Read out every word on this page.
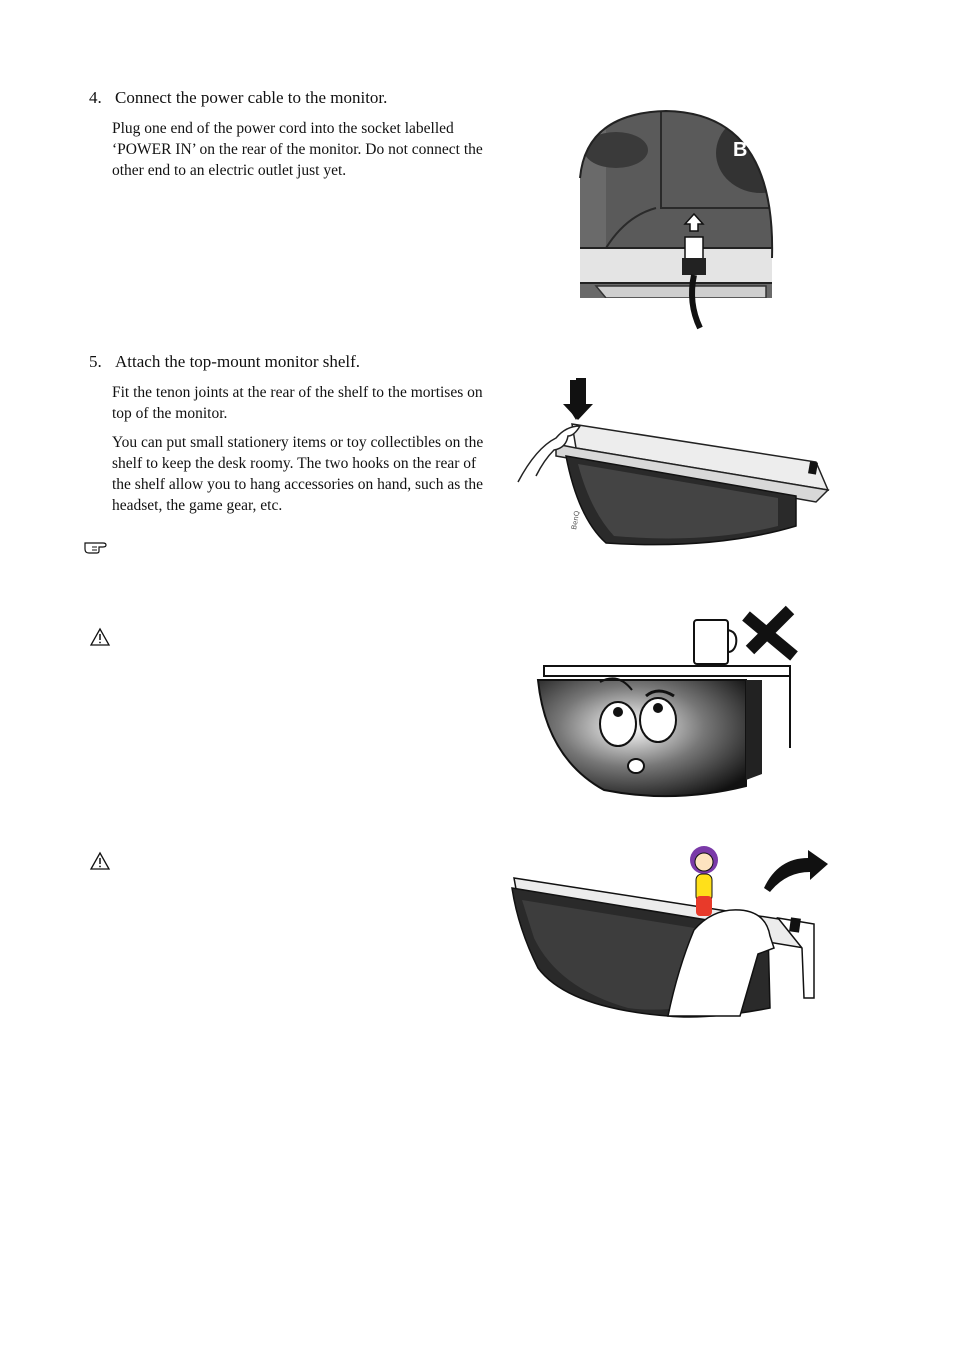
4. Connect the power cable to the monitor.
Plug one end of the power cord into the socket labelled ‘POWER IN’ on the rear of the monitor. Do not connect the other end to an electric outlet just yet.
B
5. Attach the top-mount monitor shelf.
Fit the tenon joints at the rear of the shelf to the mortises on top of the monitor.
You can put small stationery items or toy collectibles on the shelf to keep the desk roomy. The two hooks on the rear of the shelf allow you to hang accessories on hand, such as the headset, the game gear, etc.
BenQ
